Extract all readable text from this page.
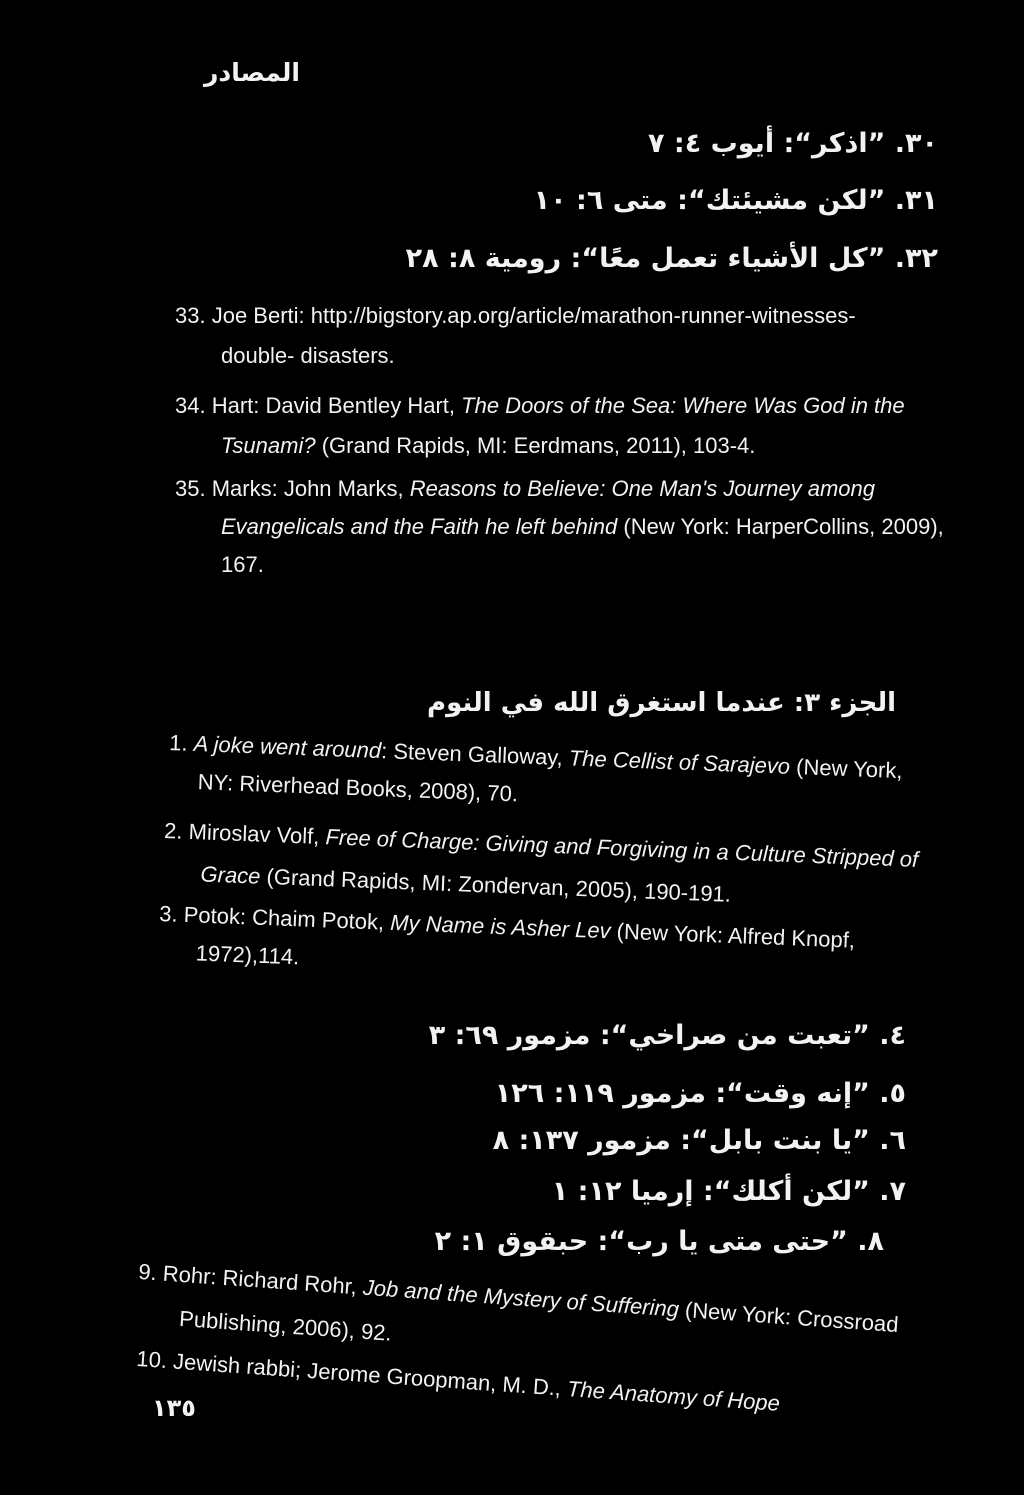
المصادر
٣٠. ”اذكر“: أيوب ٤: ٧
٣١. ”لكن مشيئتك“: متى ٦: ١٠
٣٢. ”كل الأشياء تعمل معًا“: رومية ٨: ٢٨
33. Joe Berti: http://bigstory.ap.org/article/marathon-runner-witnesses-
double- disasters.
34. Hart: David Bentley Hart, The Doors of the Sea: Where Was God in the Tsunami? (Grand Rapids, MI: Eerdmans, 2011), 103-4.
35. Marks: John Marks, Reasons to Believe: One Man's Journey among Evangelicals and the Faith he left behind (New York: HarperCollins, 2009), 167.
الجزء ٣: عندما استغرق الله في النوم
1. A joke went around: Steven Galloway, The Cellist of Sarajevo (New York, NY: Riverhead Books, 2008), 70.
2. Miroslav Volf, Free of Charge: Giving and Forgiving in a Culture Stripped of Grace (Grand Rapids, MI: Zondervan, 2005), 190-191.
3. Potok: Chaim Potok, My Name is Asher Lev (New York: Alfred Knopf, 1972),114.
٤. ”تعبت من صراخي“: مزمور ٦٩: ٣
٥. ”إنه وقت“: مزمور ١١٩: ١٢٦
٦. ”يا بنت بابل“: مزمور ١٣٧: ٨
٧. ”لكن أكلك“: إرميا ١٢: ١
٨. ”حتى متى يا رب“: حبقوق ١: ٢
9. Rohr: Richard Rohr, Job and the Mystery of Suffering (New York: Crossroad Publishing, 2006), 92.
10. Jewish rabbi; Jerome Groopman, M. D., The Anatomy of Hope
١٣٥
